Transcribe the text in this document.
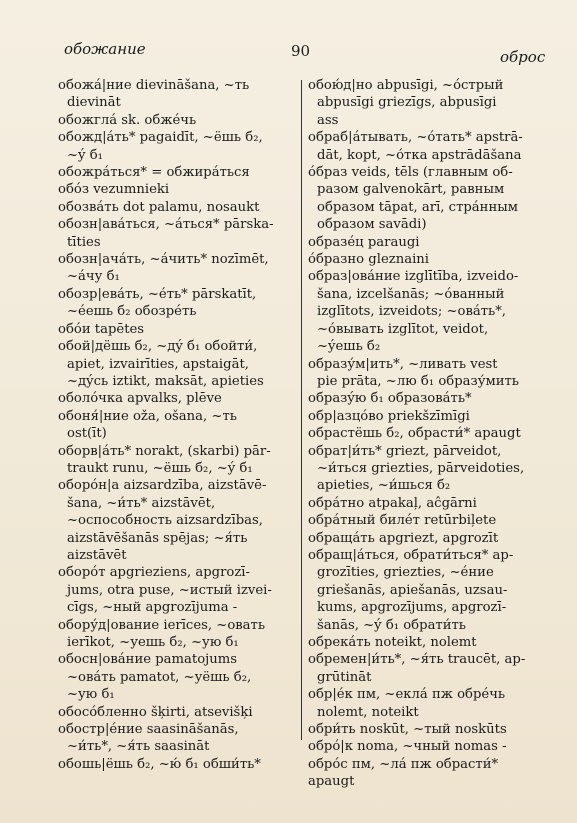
обожание	90	оброс
обожá|ние dievināšana, ~ть
dievināt
обожглá sk. обжéчь
обожд|áть* pagaidīt, ~ёшь б₂,
~ý б₁
обожрáться* = обжирáться
обóз vezumnieki
обозвáть dot palamu, nosaukt
обозн|авáться, ~áться* pārska-
tīties
обозн|ачáть, ~áчить* nozīmēt,
~áчу б₁
обозр|евáть, ~éть* pārskatīt,
~éешь б₂ обозрéть
обóи tapētes
обой|дёшь б₂, ~дý б₁ обойти́,
apiet, izvairīties, apstaigāt,
~дýсь iztikt, maksāt, apieties
оболóчка apvalks, plēve
обоня́|ние oža, ošana, ~ть
ost(īt)
оборв|áть* norakt, (skarbi) pār-
traukt runu, ~ёшь б₂, ~ý б₁
оборóн|а aizsardzība, aizstāvē-
šana, ~и́ть* aizstāvēt,
~оспособность aizsardzības,
aizstāvēšanās spējas; ~я́ть
aizstāvēt
оборóт apgrieziens, apgrozī-
jums, otra puse, ~истый izvei-
cīgs, ~ный apgrozījuma -
обору́д|ование ierīces, ~овать
ierīkot, ~уешь б₂, ~ую б₁
обосн|овáние pamatojums
~овáть pamatot, ~уёшь б₂,
~ую б₁
обосóбленно šķirti, atsevišķi
обостр|éние saasināšanās,
~и́ть*, ~я́ть saasināt
обошь|ёшь б₂, ~ю́ б₁ обши́ть*
обою́д|но abpusīgi, ~óстрый
abpusīgi griezīgs, abpusīgi
ass
обраб|áтывать, ~óтать* apstrā-
dāt, kopt, ~óтка apstrādāšana
óбраз veids, tēls (главным об-
разом galvenokārt, равным
образом tāpat, arī, стрáнным
образом savādi)
образéц paraugi
óбразно gleznaini
образ|овáние izglītība, izveido-
šana, izcelšanās; ~óванный
izglītots, izveidots; ~овáть*,
~óвывать izglītot, veidot,
~ýешь б₂
образу́м|ить*, ~ливать vest
pie prāta, ~лю б₁ образу́мить
образýю б₁ образовáть*
обр|азцóво priekšzīmīgi
обрастёшь б₂, обрасти́* apaugt
обрат|и́ть* griezt, pārveidot,
~и́ться griezties, pārveidoties,
apieties, ~и́шься б₂
обрáтно atpakaļ, aĉgārni
обрáтный билéт retūrbiļete
обращáть apgriezt, apgrozīt
обращ|áться, обрати́ться* ap-
grozīties, griezties, ~éние
griešanās, apiešanās, uzsau-
kums, apgrozījums, apgrozī-
šanās, ~ý б₁ обрати́ть
обрекáть noteikt, nolemt
обремен|и́ть*, ~я́ть traucēt, ap-
grūtināt
обр|éк пм, ~еклá пж обрéчь
nolemt, noteikt
обри́ть noskūt, ~тый noskūts
обрó|к noma, ~чный nomas -
обрóс пм, ~лá пж обрасти́*
apaugt
